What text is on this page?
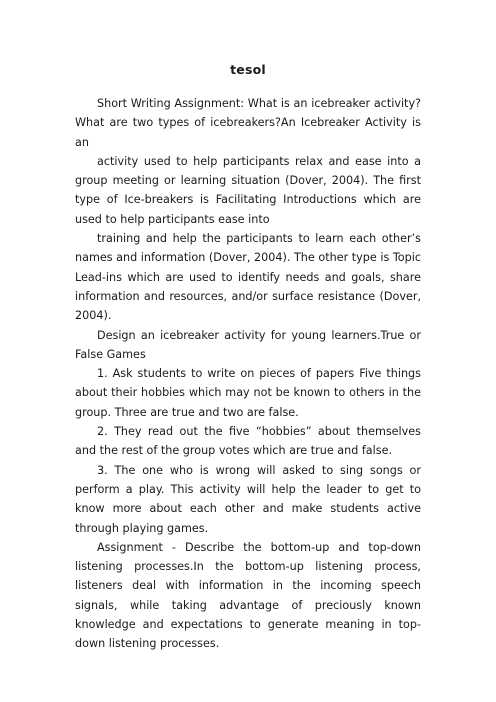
tesol

Short Writing Assignment: What is an icebreaker activity? What are two types of icebreakers?An Icebreaker Activity is an

activity used to help participants relax and ease into a group meeting or learning situation (Dover, 2004). The first type of Ice-breakers is Facilitating Introductions which are used to help participants ease into

training and help the participants to learn each other’s names and information (Dover, 2004). The other type is Topic Lead-ins which are used to identify needs and goals, share information and resources, and/or surface resistance (Dover, 2004).

Design an icebreaker activity for young learners.True or False Games

1. Ask students to write on pieces of papers Five things about their hobbies which may not be known to others in the group. Three are true and two are false.

2. They read out the five “hobbies” about themselves and the rest of the group votes which are true and false.

3. The one who is wrong will asked to sing songs or perform a play. This activity will help the leader to get to know more about each other and make students active through playing games.

Assignment - Describe the bottom-up and top-down listening processes.In the bottom-up listening process, listeners deal with information in the incoming speech signals, while taking advantage of preciously known knowledge and expectations to generate meaning in top-down listening processes.
